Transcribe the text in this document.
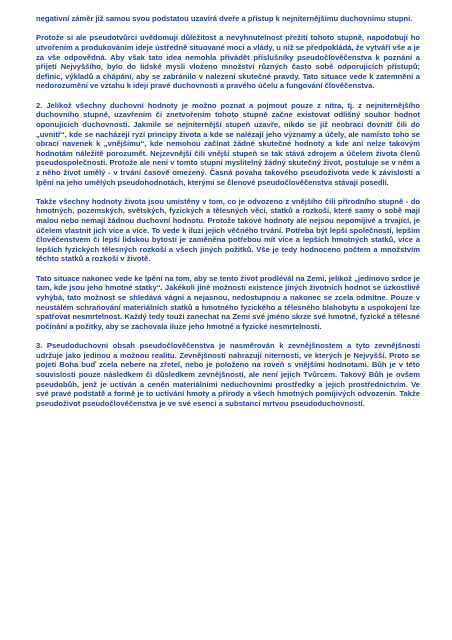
negativní záměr již samou svou podstatou uzavírá dveře a přístup k nejniternějšímu duchovnímu stupni.

Protože si ale pseudotvůrci uvědomují důležitost a nevyhnutelnost přežití tohoto stupně, napodobují ho utvořením a produkováním ideje ústředně situované moci a vlády, u níž se předpokládá, že vytváří vše a je za vše odpovědná. Aby však tato idea nemohla přivádět příslušníky pseudočlověčenstva k poznání a přijetí Nejvyššího, bylo do lidské mysli vloženo množství různých často sobě odporujících přístupů; definic, výkladů a chápání, aby se zabránilo v nalezení skutečné pravdy. Tato situace vede k zatemnění a nedorozumění ve vztahu k ideji pravé duchovnosti a pravého účelu a fungování člověčenstva.

2. Jelikož všechny duchovní hodnoty je možno poznat a pojmout pouze z nitra, tj. z nejniternějšího duchovního stupně, uzavřením či znetvořením tohoto stupně začne existovat odlišný soubor hodnot oponujících duchovnosti. Jakmile se nejniternější stupeň uzavře, nikdo se již neobrací dovnitř čili do „uvnitř“, kde se nacházejí ryzí principy života a kde se nalézají jeho významy a účely, ale namísto toho se obrací navenek k „vnějšímu“, kde nemohou začínat žádné skutečné hodnoty a kde ani nelze takovým hodnotám náležitě porozumět. Nejzevnější čili vnější stupeň se tak stává zdrojem a účelem života členů pseudospolečnosti. Protože ale není v tomto stupni myslitelný žádný skutečný život, postuluje se v něm a z něho život umělý - v trvání časově omezený. Časná povaha takového pseudoživota vede k závislosti a lpění na jeho umělých pseudohodnotách, kterými se členové pseudočlověčenstva stávají posedlí.

Takže všechny hodnoty života jsou umístěny v tom, co je odvozeno z vnějšího čili přírodního stupně - do hmotných, pozemských, světských, fyzických a tělesných věcí, statků a rozkoší, které samy o sobě mají malou nebo nemají žádnou duchovní hodnotu. Protože takové hodnoty ale nejsou nepomíjivé a trvající, je účelem vlastnit jich více a více. To vede k iluzi jejich věčného trvání. Potřeba být lepší společností, lepším člověčenstvem či lepší lidskou bytostí je zaměněna potřebou mít více a lepších hmotných statků, více a lepších fyzických tělesných rozkoší a všech jiných požitků. Vše je tedy hodnoceno počtem a množstvím těchto statků a rozkoší v životě.

Tato situace nakonec vede ke lpění na tom, aby se tento život prodlévál na Zemi, jelikož „jedinovo srdce je tam, kde jsou jeho hmotné statky“. Jakékoli jiné možnosti existence jiných životních hodnot se úzkostlivě vyhýbá, tato možnost se shledává vágní a nejasnou, nedostupnou a nakonec se zcela odmítne. Pouze v neustálém schraňování materiálních statků a hmotného fyzického a tělesného blahobytu a uspokojení lze spatřovat nesmrtelnost. Každý tedy touží zanechat na Zemi své jméno skrze své hmotné, fyzické a tělesné počínání a požitky, aby se zachovala iluze jeho hmotné a fyzické nesmrtelnosti.

3. Pseudoduchovní obsah pseudočlověčenstva je nasměrován k zevnějšnostem a tyto zevnějšnosti udržuje jako jedinou a možnou realitu. Zevnějšnosti nahrazují niternosti, ve kterých je Nejvyšší. Proto se pojetí Boha buď zcela nebere na zřetel, nebo je položeno na roveň s vnějšími hodnotami. Bůh je v této souvislosti pouze následkem či důsledkem zevnějšností, ale není jejich Tvůrcem. Takový Bůh je ovšem pseudobůh, jenž je uctíván a ceněn materiálními neduchovními prostředky a jejich prostřednictvím. Ve své pravé podstatě a formě je to uctívání hmoty a přírody a všech hmotných pomíjivých odvozenin. Takže pseudoživot pseudočlověčenstva je ve své esenci a substanci mrtvou pseudoduchovností.
